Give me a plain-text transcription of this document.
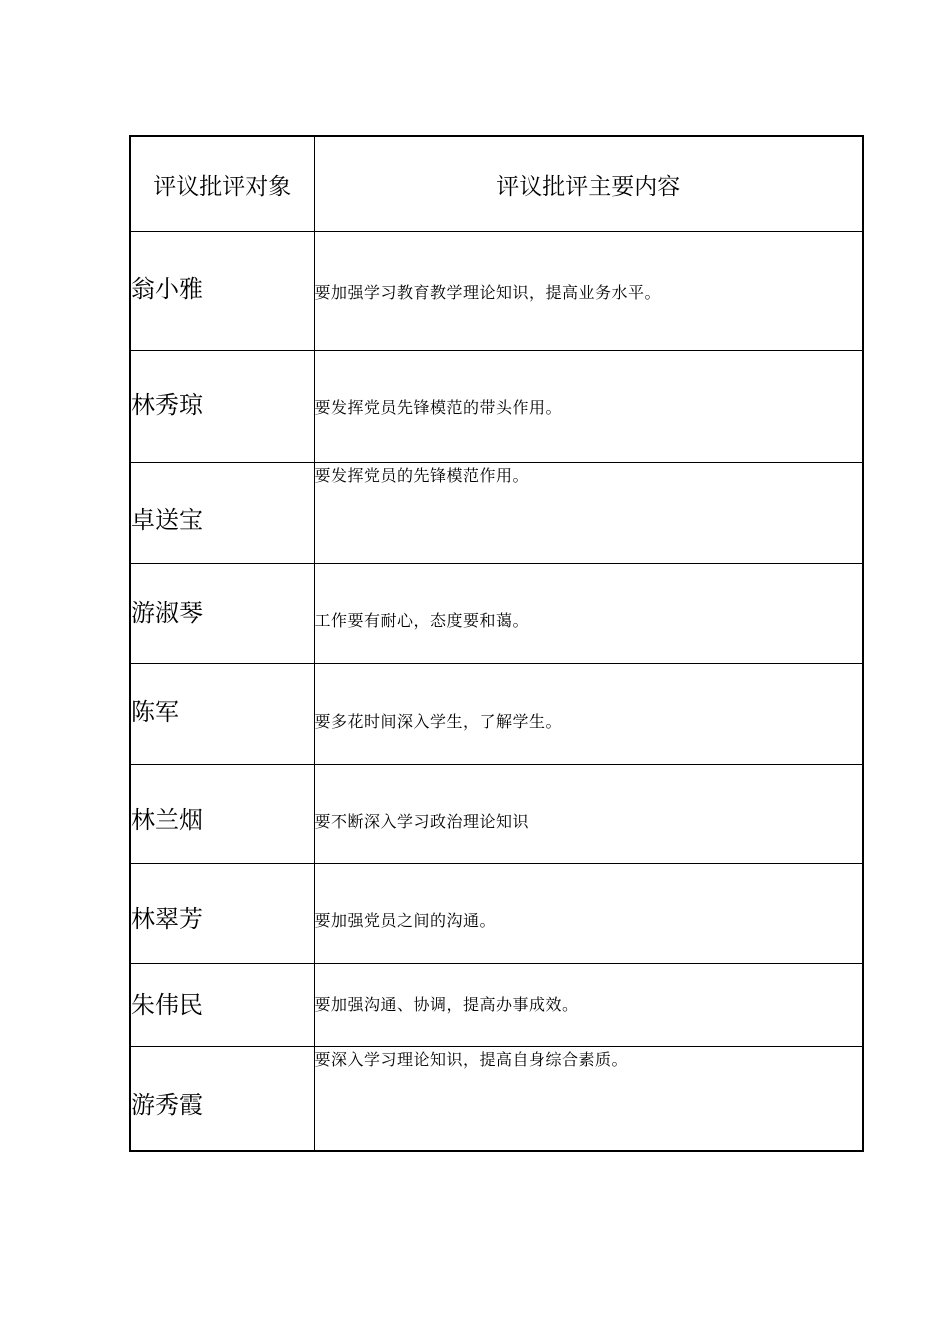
评议批评对象	评议批评主要内容
翁小雅	要加强学习教育教学理论知识，提高业务水平。
林秀琼	要发挥党员先锋模范的带头作用。
卓送宝	要发挥党员的先锋模范作用。
游淑琴	工作要有耐心，态度要和蔼。
陈军	要多花时间深入学生，了解学生。
林兰烟	要不断深入学习政治理论知识
林翠芳	要加强党员之间的沟通。
朱伟民	要加强沟通、协调，提高办事成效。
游秀霞	要深入学习理论知识，提高自身综合素质。
